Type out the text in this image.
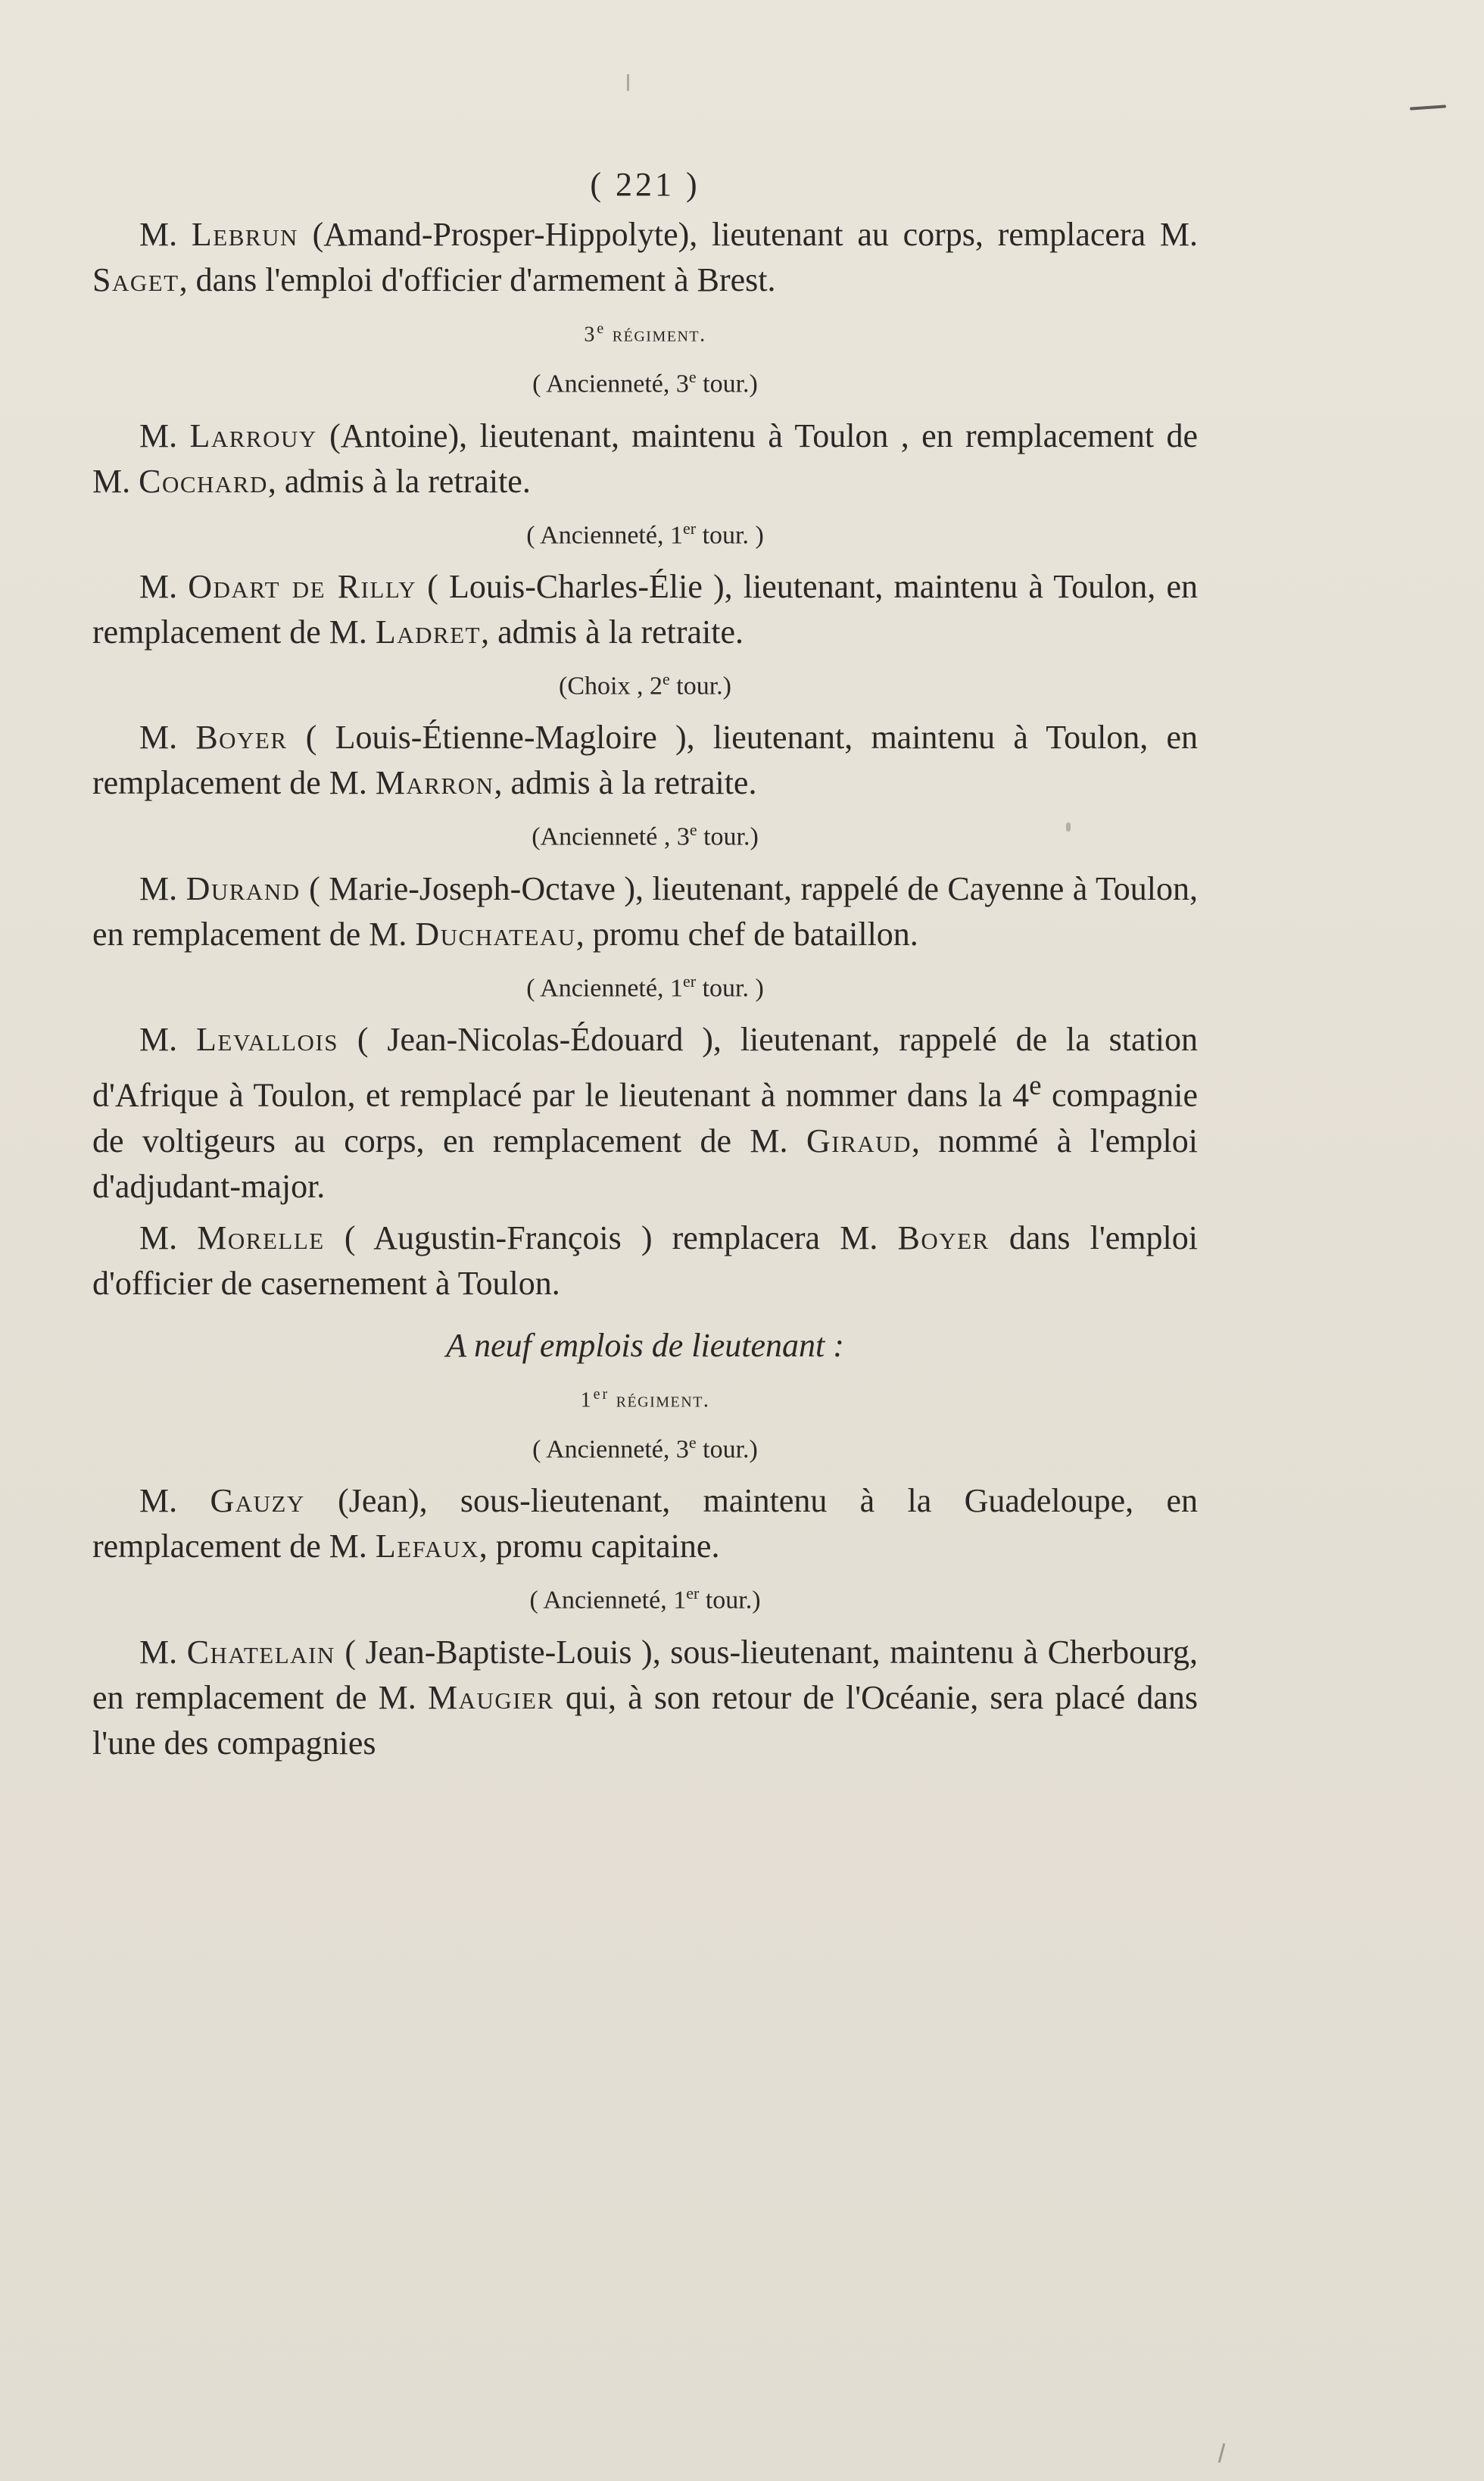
( 221 )

M. Lebrun (Amand-Prosper-Hippolyte), lieutenant au corps, remplacera M. Saget, dans l'emploi d'officier d'armement à Brest.

3e régiment.
( Ancienneté, 3e tour.)

M. Larrouy (Antoine), lieutenant, maintenu à Toulon , en remplacement de M. Cochard, admis à la retraite.

( Ancienneté, 1er tour. )

M. Odart de Rilly ( Louis-Charles-Élie ), lieutenant, maintenu à Toulon, en remplacement de M. Ladret, admis à la retraite.

(Choix , 2e tour.)

M. Boyer ( Louis-Étienne-Magloire ), lieutenant, maintenu à Toulon, en remplacement de M. Marron, admis à la retraite.

(Ancienneté , 3e tour.)

M. Durand ( Marie-Joseph-Octave ), lieutenant, rappelé de Cayenne à Toulon, en remplacement de M. Duchateau, promu chef de bataillon.

( Ancienneté, 1er tour. )

M. Levallois ( Jean-Nicolas-Édouard ), lieutenant, rappelé de la station d'Afrique à Toulon, et remplacé par le lieutenant à nommer dans la 4e compagnie de voltigeurs au corps, en remplacement de M. Giraud, nommé à l'emploi d'adjudant-major.

M. Morelle ( Augustin-François ) remplacera M. Boyer dans l'emploi d'officier de casernement à Toulon.

A neuf emplois de lieutenant :
1er régiment.
( Ancienneté, 3e tour.)

M. Gauzy (Jean), sous-lieutenant, maintenu à la Guadeloupe, en remplacement de M. Lefaux, promu capitaine.

( Ancienneté, 1er tour.)

M. Chatelain ( Jean-Baptiste-Louis ), sous-lieutenant, maintenu à Cherbourg, en remplacement de M. Maugier qui, à son retour de l'Océanie, sera placé dans l'une des compagnies
